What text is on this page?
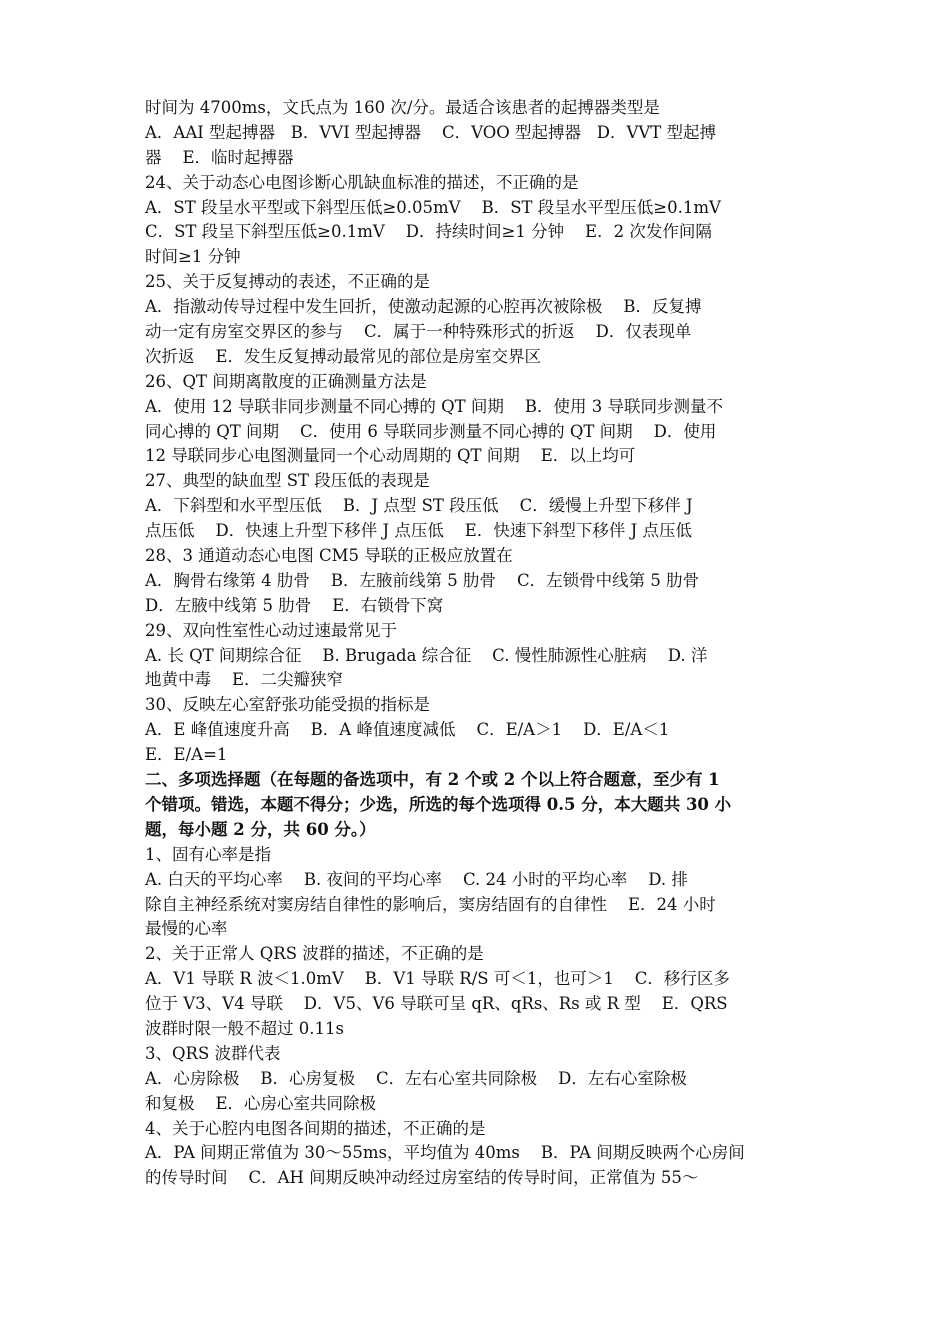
时间为 4700ms，文氏点为 160 次/分。最适合该患者的起搏器类型是
A．AAI 型起搏器   B．VVI 型起搏器    C．VOO 型起搏器   D．VVT 型起搏
器    E．临时起搏器
24、关于动态心电图诊断心肌缺血标准的描述，不正确的是
A．ST 段呈水平型或下斜型压低≥0.05mV    B．ST 段呈水平型压低≥0.1mV
C．ST 段呈下斜型压低≥0.1mV    D．持续时间≥1 分钟    E．2 次发作间隔
时间≥1 分钟
25、关于反复搏动的表述，不正确的是
A．指激动传导过程中发生回折，使激动起源的心腔再次被除极    B．反复搏
动一定有房室交界区的参与    C．属于一种特殊形式的折返    D．仅表现单
次折返    E．发生反复搏动最常见的部位是房室交界区
26、QT 间期离散度的正确测量方法是
A．使用 12 导联非同步测量不同心搏的 QT 间期    B．使用 3 导联同步测量不
同心搏的 QT 间期    C．使用 6 导联同步测量不同心搏的 QT 间期    D．使用
12 导联同步心电图测量同一个心动周期的 QT 间期    E．以上均可
27、典型的缺血型 ST 段压低的表现是
A．下斜型和水平型压低    B．J 点型 ST 段压低    C．缓慢上升型下移伴 J
点压低    D．快速上升型下移伴 J 点压低    E．快速下斜型下移伴 J 点压低
28、3 通道动态心电图 CM5 导联的正极应放置在
A．胸骨右缘第 4 肋骨    B．左腋前线第 5 肋骨    C．左锁骨中线第 5 肋骨
D．左腋中线第 5 肋骨    E．右锁骨下窝
29、双向性室性心动过速最常见于
A. 长 QT 间期综合征    B. Brugada 综合征    C. 慢性肺源性心脏病    D. 洋
地黄中毒    E．二尖瓣狭窄
30、反映左心室舒张功能受损的指标是
A．E 峰值速度升高    B．A 峰值速度减低    C．E/A＞1    D．E/A＜1
E．E/A=1
二、多项选择题（在每题的备选项中，有 2 个或 2 个以上符合题意，至少有 1
个错项。错选，本题不得分；少选，所选的每个选项得 0.5 分，本大题共 30 小
题，每小题 2 分，共 60 分。）
1、固有心率是指
A. 白天的平均心率    B. 夜间的平均心率    C. 24 小时的平均心率    D. 排
除自主神经系统对窦房结自律性的影响后，窦房结固有的自律性    E．24 小时
最慢的心率
2、关于正常人 QRS 波群的描述，不正确的是
A．V1 导联 R 波＜1.0mV    B．V1 导联 R/S 可＜1，也可＞1    C．移行区多
位于 V3、V4 导联    D．V5、V6 导联可呈 qR、qRs、Rs 或 R 型    E．QRS
波群时限一般不超过 0.11s
3、QRS 波群代表
A．心房除极    B．心房复极    C．左右心室共同除极    D．左右心室除极
和复极    E．心房心室共同除极
4、关于心腔内电图各间期的描述，不正确的是
A．PA 间期正常值为 30～55ms，平均值为 40ms    B．PA 间期反映两个心房间
的传导时间    C．AH 间期反映冲动经过房室结的传导时间，正常值为 55～
